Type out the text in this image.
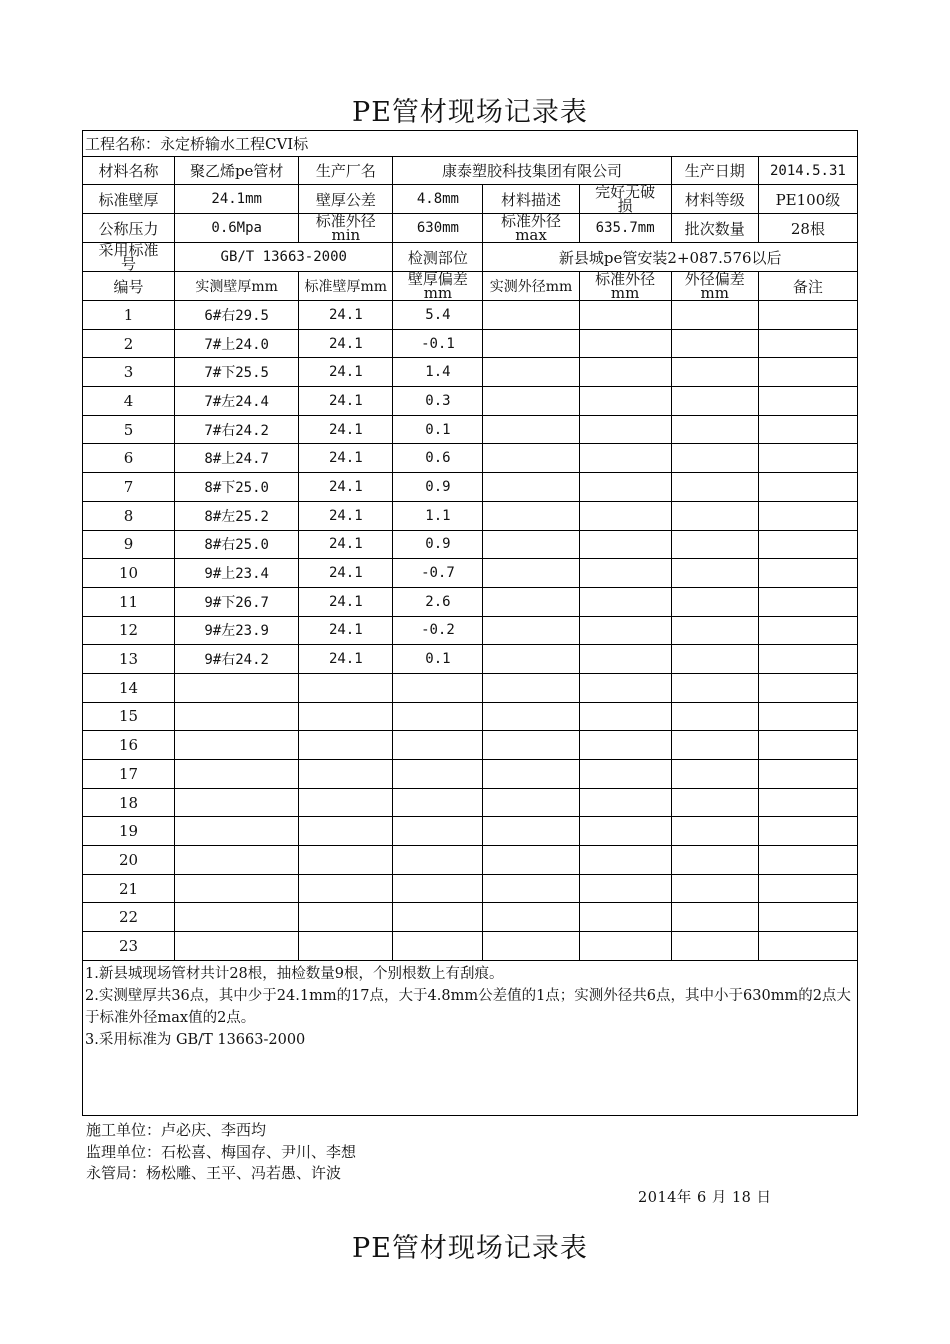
PE管材现场记录表
工程名称：永定桥输水工程CVI标							
材料名称	聚乙烯pe管材	生产厂名	康泰塑胶科技集团有限公司			生产日期	2014.5.31
标准壁厚	24.1mm	壁厚公差	4.8mm	材料描述	完好无破损	材料等级	PE100级
公称压力	0.6Mpa	标准外径min	630mm	标准外径max	635.7mm	批次数量	28根

采用标准号	GB/T 13663-2000		检测部位	新县城pe管安装2+087.576以后			
编号	实测壁厚mm	标准壁厚mm	壁厚偏差mm	实测外径mm	标准外径mm	外径偏差mm	备注
1	6#右29.5	24.1	5.4				
2	7#上24.0	24.1	-0.1				
3	7#下25.5	24.1	1.4				
4	7#左24.4	24.1	0.3				
5	7#右24.2	24.1	0.1				
6	8#上24.7	24.1	0.6				
7	8#下25.0	24.1	0.9				
8	8#左25.2	24.1	1.1				
9	8#右25.0	24.1	0.9				
10	9#上23.4	24.1	-0.7				
11	9#下26.7	24.1	2.6				
12	9#左23.9	24.1	-0.2				
13	9#右24.2	24.1	0.1				
14							
15							
16							
17							
18							
19							
20							
21							
22							
23							

1.新县城现场管材共计28根，抽检数量9根，个别根数上有刮痕。
2.实测壁厚共36点，其中少于24.1mm的17点，大于4.8mm公差值的1点；实测外径共6点，其中小于630mm的2点大于标准外径max值的2点。
3.采用标准为 GB/T 13663-2000							
施工单位：卢必庆、李西均
监理单位：石松喜、梅国存、尹川、李想
永管局：杨松雕、王平、冯若愚、许波
2014年 6 月 18 日
PE管材现场记录表
